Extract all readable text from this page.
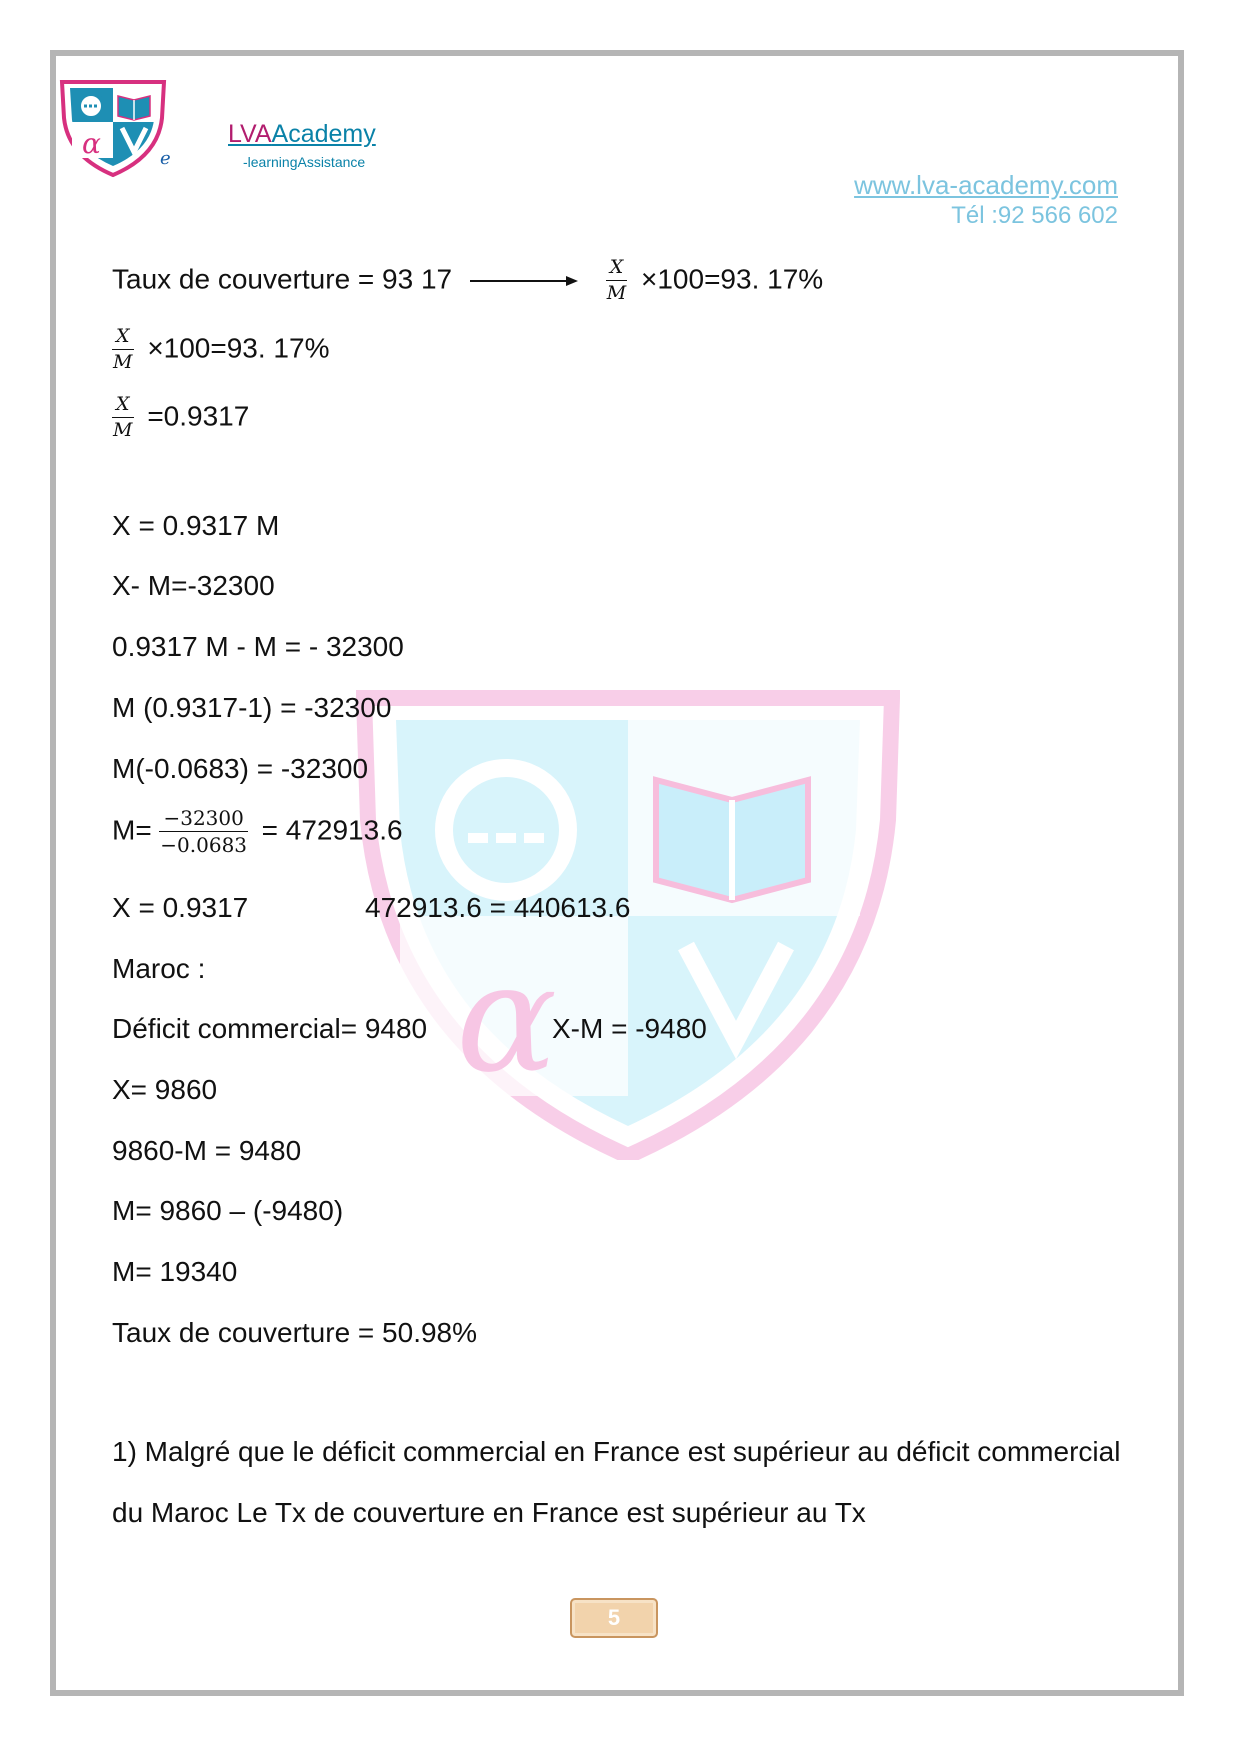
α	e
LVAAcademy
-learningAssistance
www.lva-academy.com
Tél :92 566 602
α
Taux de couverture = 93 17	$\frac{X}{M} \times 100=93$. 17%
$\frac{X}{M} \times 100=93$. 17%
$\frac{X}{M} =0.9317$
X = 0.9317 M
X- M=-32300
0.9317 M - M = - 32300
M (0.9317-1) = -32300
M(-0.0683) = -32300
$M= \frac{-32300}{-0.0683} = 472913.6$
X = 0.9317	472913.6 = 440613.6
Maroc :
Déficit commercial= 9480	X-M = -9480
X= 9860
9860-M = 9480
M= 9860 – (-9480)
M= 19340
Taux de couverture = 50.98%
1) Malgré que le déficit commercial en France est supérieur au déficit commercial du Maroc Le Tx de couverture en France est supérieur au Tx
5
